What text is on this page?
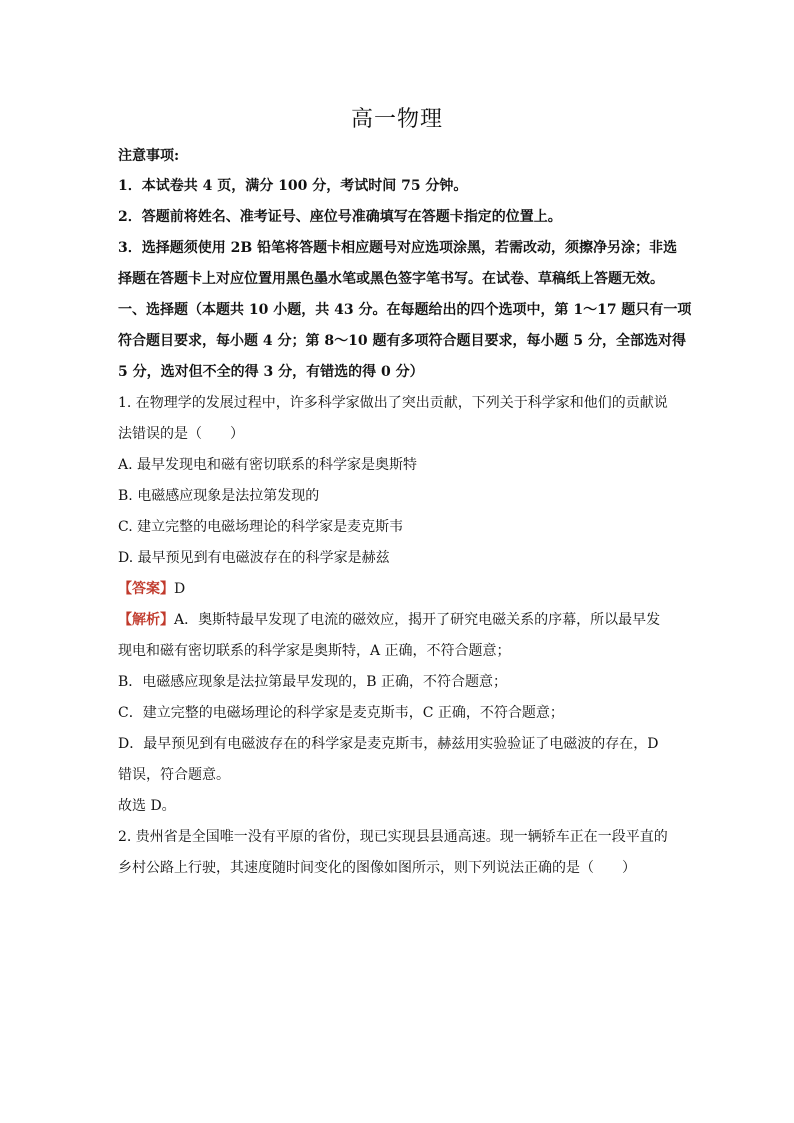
高一物理
注意事项:
1．本试卷共 4 页，满分 100 分，考试时间 75 分钟。
2．答题前将姓名、准考证号、座位号准确填写在答题卡指定的位置上。
3．选择题须使用 2B 铅笔将答题卡相应题号对应选项涂黑，若需改动，须擦净另涂；非选
择题在答题卡上对应位置用黑色墨水笔或黑色签字笔书写。在试卷、草稿纸上答题无效。
一、选择题（本题共 10 小题，共 43 分。在每题给出的四个选项中，第 1～17 题只有一项
符合题目要求，每小题 4 分；第 8～10 题有多项符合题目要求，每小题 5 分，全部选对得
5 分，选对但不全的得 3 分，有错选的得 0 分）
1. 在物理学的发展过程中，许多科学家做出了突出贡献，下列关于科学家和他们的贡献说
法错误的是（　　）
A. 最早发现电和磁有密切联系的科学家是奥斯特
B. 电磁感应现象是法拉第发现的
C. 建立完整的电磁场理论的科学家是麦克斯韦
D. 最早预见到有电磁波存在的科学家是赫兹
【答案】D
【解析】A．奥斯特最早发现了电流的磁效应，揭开了研究电磁关系的序幕，所以最早发
现电和磁有密切联系的科学家是奥斯特，A 正确，不符合题意；
B．电磁感应现象是法拉第最早发现的，B 正确，不符合题意；
C．建立完整的电磁场理论的科学家是麦克斯韦，C 正确，不符合题意；
D．最早预见到有电磁波存在的科学家是麦克斯韦，赫兹用实验验证了电磁波的存在，D
错误，符合题意。
故选 D。
2. 贵州省是全国唯一没有平原的省份，现已实现县县通高速。现一辆轿车正在一段平直的
乡村公路上行驶，其速度随时间变化的图像如图所示，则下列说法正确的是（　　）
